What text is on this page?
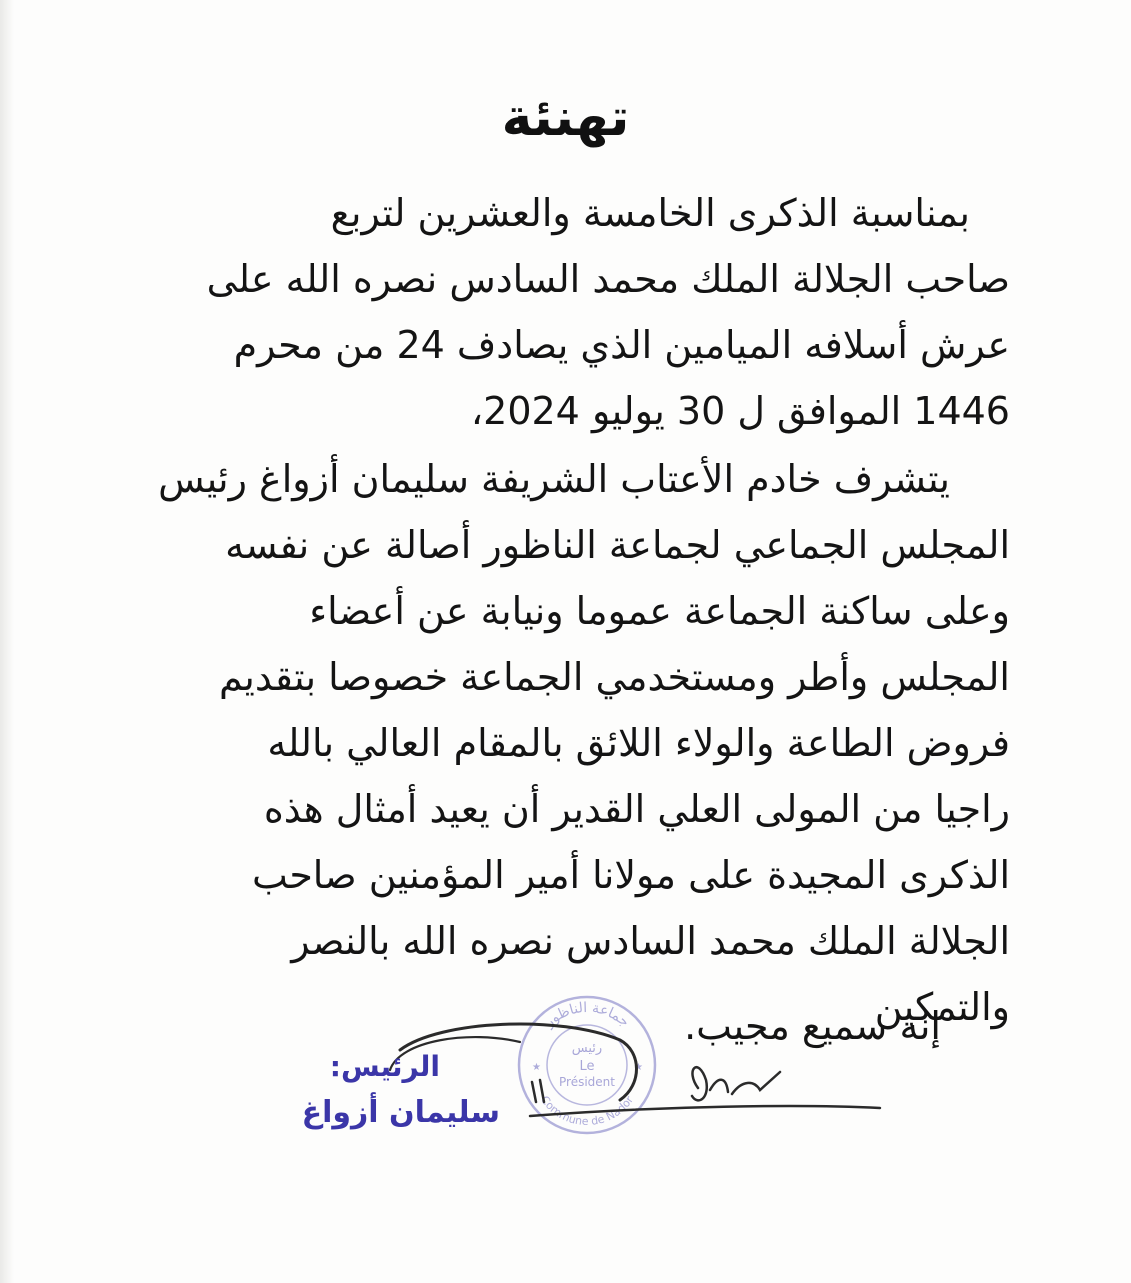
تهنئة
بمناسبة الذكرى الخامسة والعشرين لتربع
صاحب الجلالة الملك محمد السادس نصره الله على
عرش أسلافه الميامين الذي يصادف 24 من محرم
1446 الموافق ل 30 يوليو 2024،
يتشرف خادم الأعتاب الشريفة سليمان أزواغ رئيس
المجلس الجماعي لجماعة الناظور أصالة عن نفسه
وعلى ساكنة الجماعة عموما ونيابة عن أعضاء
المجلس وأطر ومستخدمي الجماعة خصوصا بتقديم
فروض الطاعة والولاء اللائق بالمقام العالي بالله
راجيا من المولى العلي القدير أن يعيد أمثال هذه
الذكرى المجيدة على مولانا أمير المؤمنين صاحب
الجلالة الملك محمد السادس نصره الله بالنصر
والتمكين

إنه سميع مجيب.

جماعة الناظور
Commune de Nador
رئيس
Le
Président
★	★
الرئيس:
سليمان أزواغ
